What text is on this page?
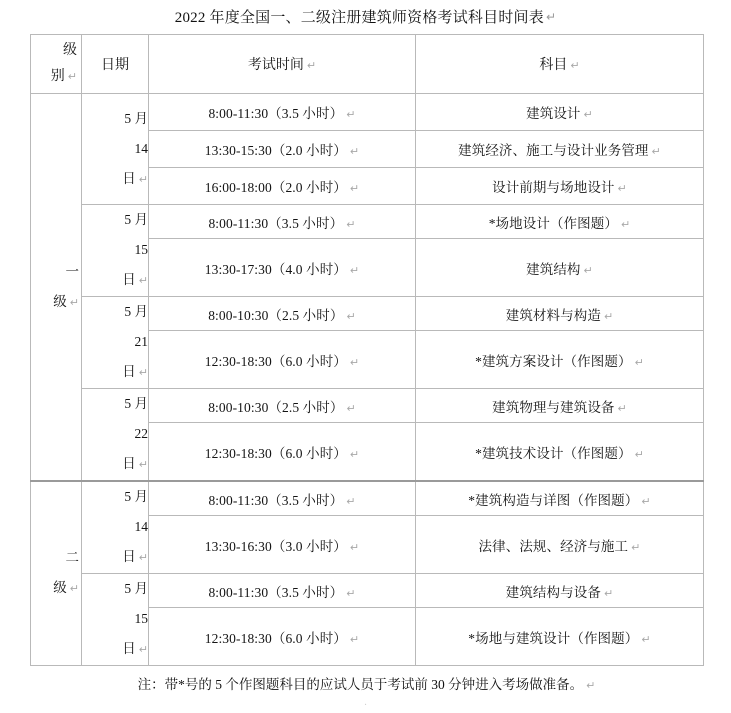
2022 年度全国一、二级注册建筑师资格考试科目时间表 ↵
级
别 ↵	日期	考试时间 ↵	科目 ↵

一
级 ↵	5 月
14
日 ↵	8:00-11:30（3.5 小时） ↵	建筑设计 ↵
		13:30-15:30（2.0 小时） ↵	建筑经济、施工与设计业务管理 ↵
		16:00-18:00（2.0 小时） ↵	设计前期与场地设计 ↵

	5 月
15
日 ↵	8:00-11:30（3.5 小时） ↵	*场地设计（作图题） ↵
		13:30-17:30（4.0 小时） ↵	建筑结构 ↵

	5 月
21
日 ↵	8:00-10:30（2.5 小时） ↵	建筑材料与构造 ↵
		12:30-18:30（6.0 小时） ↵	*建筑方案设计（作图题） ↵

	5 月
22
日 ↵	8:00-10:30（2.5 小时） ↵	建筑物理与建筑设备 ↵
		12:30-18:30（6.0 小时） ↵	*建筑技术设计（作图题） ↵

二
级 ↵	5 月
14
日 ↵	8:00-11:30（3.5 小时） ↵	*建筑构造与详图（作图题） ↵
		13:30-16:30（3.0 小时） ↵	法律、法规、经济与施工 ↵

	5 月
15
日 ↵	8:00-11:30（3.5 小时） ↵	建筑结构与设备 ↵
		12:30-18:30（6.0 小时） ↵	*场地与建筑设计（作图题） ↵
注：带*号的 5 个作图题科目的应试人员于考试前 30 分钟进入考场做准备。 ↵
·
